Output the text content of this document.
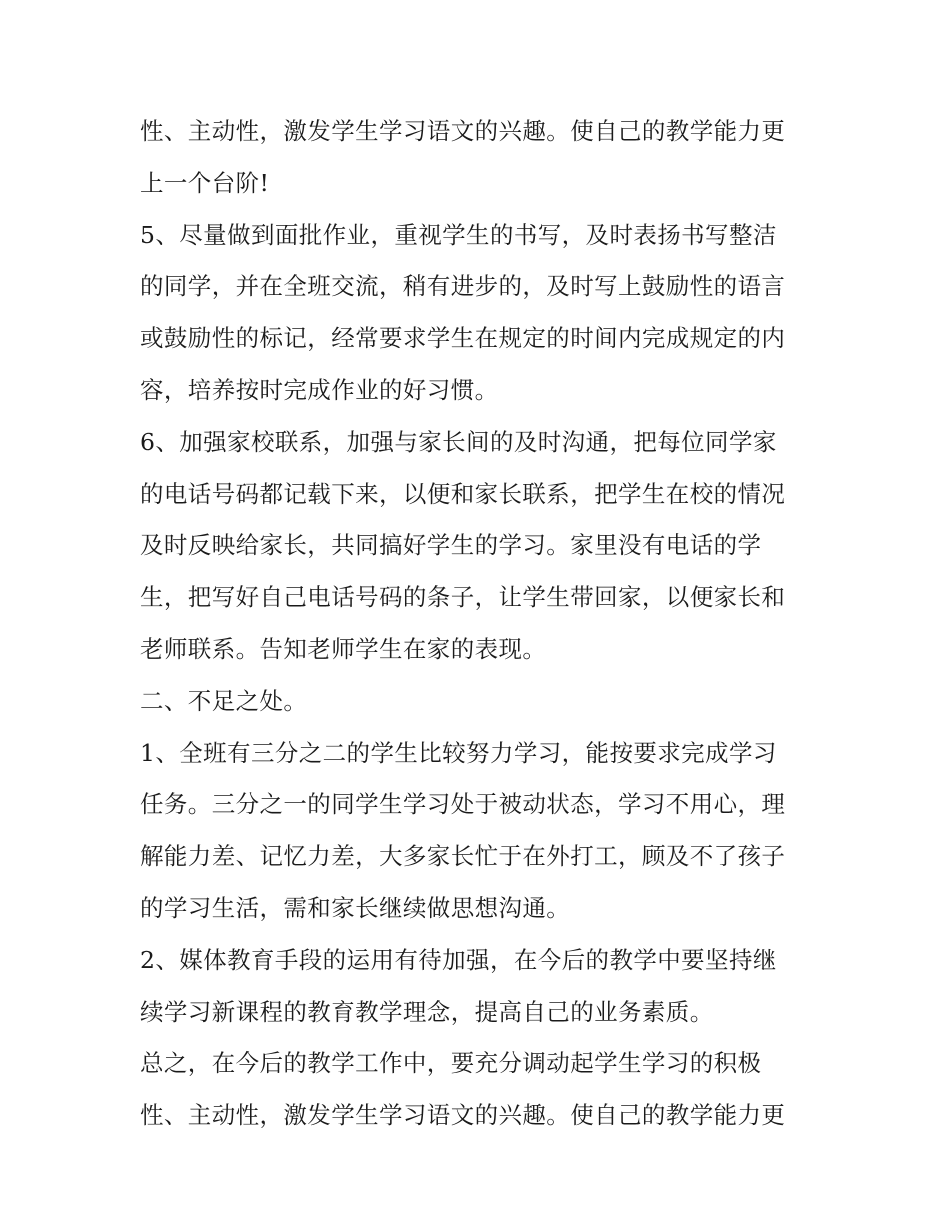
性、主动性，激发学生学习语文的兴趣。使自己的教学能力更
上一个台阶!
5、尽量做到面批作业，重视学生的书写，及时表扬书写整洁
的同学，并在全班交流，稍有进步的，及时写上鼓励性的语言
或鼓励性的标记，经常要求学生在规定的时间内完成规定的内
容，培养按时完成作业的好习惯。
6、加强家校联系，加强与家长间的及时沟通，把每位同学家
的电话号码都记载下来，以便和家长联系，把学生在校的情况
及时反映给家长，共同搞好学生的学习。家里没有电话的学
生，把写好自己电话号码的条子，让学生带回家，以便家长和
老师联系。告知老师学生在家的表现。
二、不足之处。
1、全班有三分之二的学生比较努力学习，能按要求完成学习
任务。三分之一的同学生学习处于被动状态，学习不用心，理
解能力差、记忆力差，大多家长忙于在外打工，顾及不了孩子
的学习生活，需和家长继续做思想沟通。
2、媒体教育手段的运用有待加强，在今后的教学中要坚持继
续学习新课程的教育教学理念，提高自己的业务素质。
总之，在今后的教学工作中，要充分调动起学生学习的积极
性、主动性，激发学生学习语文的兴趣。使自己的教学能力更
